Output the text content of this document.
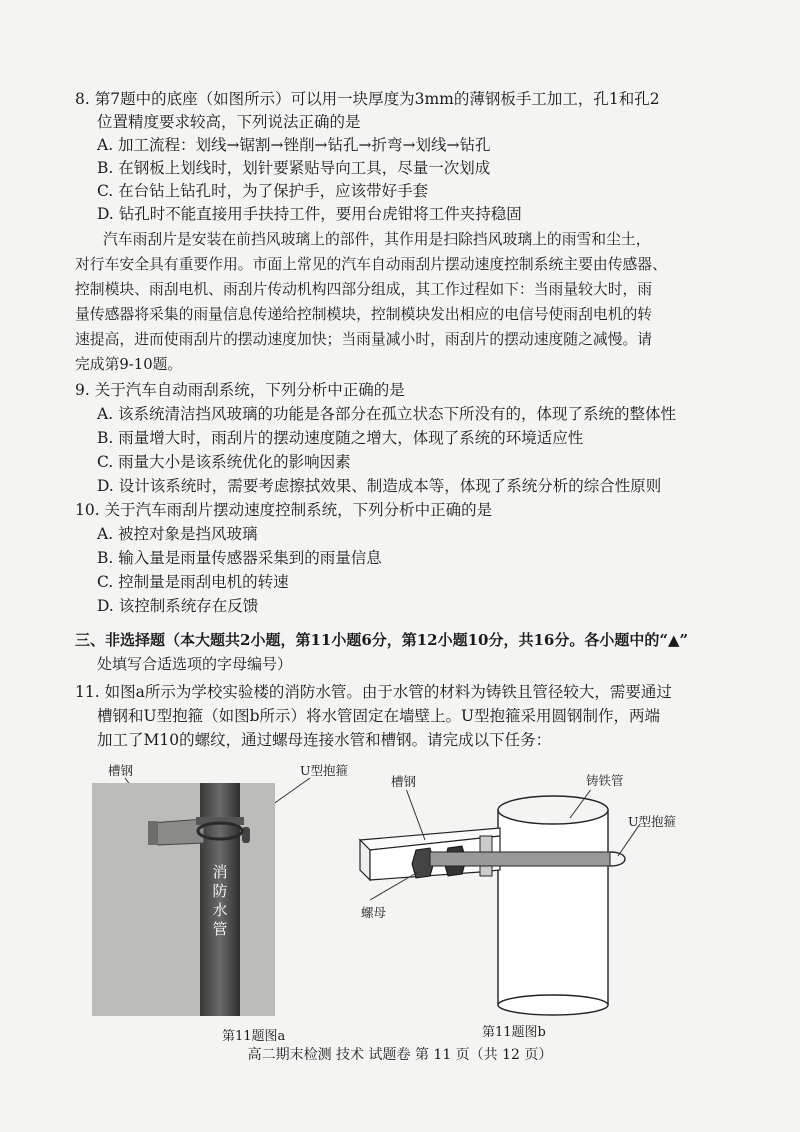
8. 第7题中的底座（如图所示）可以用一块厚度为3mm的薄钢板手工加工，孔1和孔2
位置精度要求较高，下列说法正确的是
A. 加工流程：划线→锯割→锉削→钻孔→折弯→划线→钻孔
B. 在钢板上划线时，划针要紧贴导向工具，尽量一次划成
C. 在台钻上钻孔时，为了保护手，应该带好手套
D. 钻孔时不能直接用手扶持工件，要用台虎钳将工件夹持稳固
汽车雨刮片是安装在前挡风玻璃上的部件，其作用是扫除挡风玻璃上的雨雪和尘土，
对行车安全具有重要作用。市面上常见的汽车自动雨刮片摆动速度控制系统主要由传感器、
控制模块、雨刮电机、雨刮片传动机构四部分组成，其工作过程如下：当雨量较大时，雨
量传感器将采集的雨量信息传递给控制模块，控制模块发出相应的电信号使雨刮电机的转
速提高，进而使雨刮片的摆动速度加快；当雨量减小时，雨刮片的摆动速度随之减慢。请
完成第9-10题。
9. 关于汽车自动雨刮系统，下列分析中正确的是
A. 该系统清洁挡风玻璃的功能是各部分在孤立状态下所没有的，体现了系统的整体性
B. 雨量增大时，雨刮片的摆动速度随之增大，体现了系统的环境适应性
C. 雨量大小是该系统优化的影响因素
D. 设计该系统时，需要考虑擦拭效果、制造成本等，体现了系统分析的综合性原则
10. 关于汽车雨刮片摆动速度控制系统，下列分析中正确的是
A. 被控对象是挡风玻璃
B. 输入量是雨量传感器采集到的雨量信息
C. 控制量是雨刮电机的转速
D. 该控制系统存在反馈
三、非选择题（本大题共2小题，第11小题6分，第12小题10分，共16分。各小题中的“▲”
处填写合适选项的字母编号）
11. 如图a所示为学校实验楼的消防水管。由于水管的材料为铸铁且管径较大，需要通过
槽钢和U型抱箍（如图b所示）将水管固定在墙壁上。U型抱箍采用圆钢制作，两端
加工了M10的螺纹，通过螺母连接水管和槽钢。请完成以下任务：
槽钢	U型抱箍
消防水管
第11题图a
铸铁管
槽钢
U型抱箍
螺母
第11题图b
高二期末检测 技术 试题卷 第 11 页（共 12 页）
